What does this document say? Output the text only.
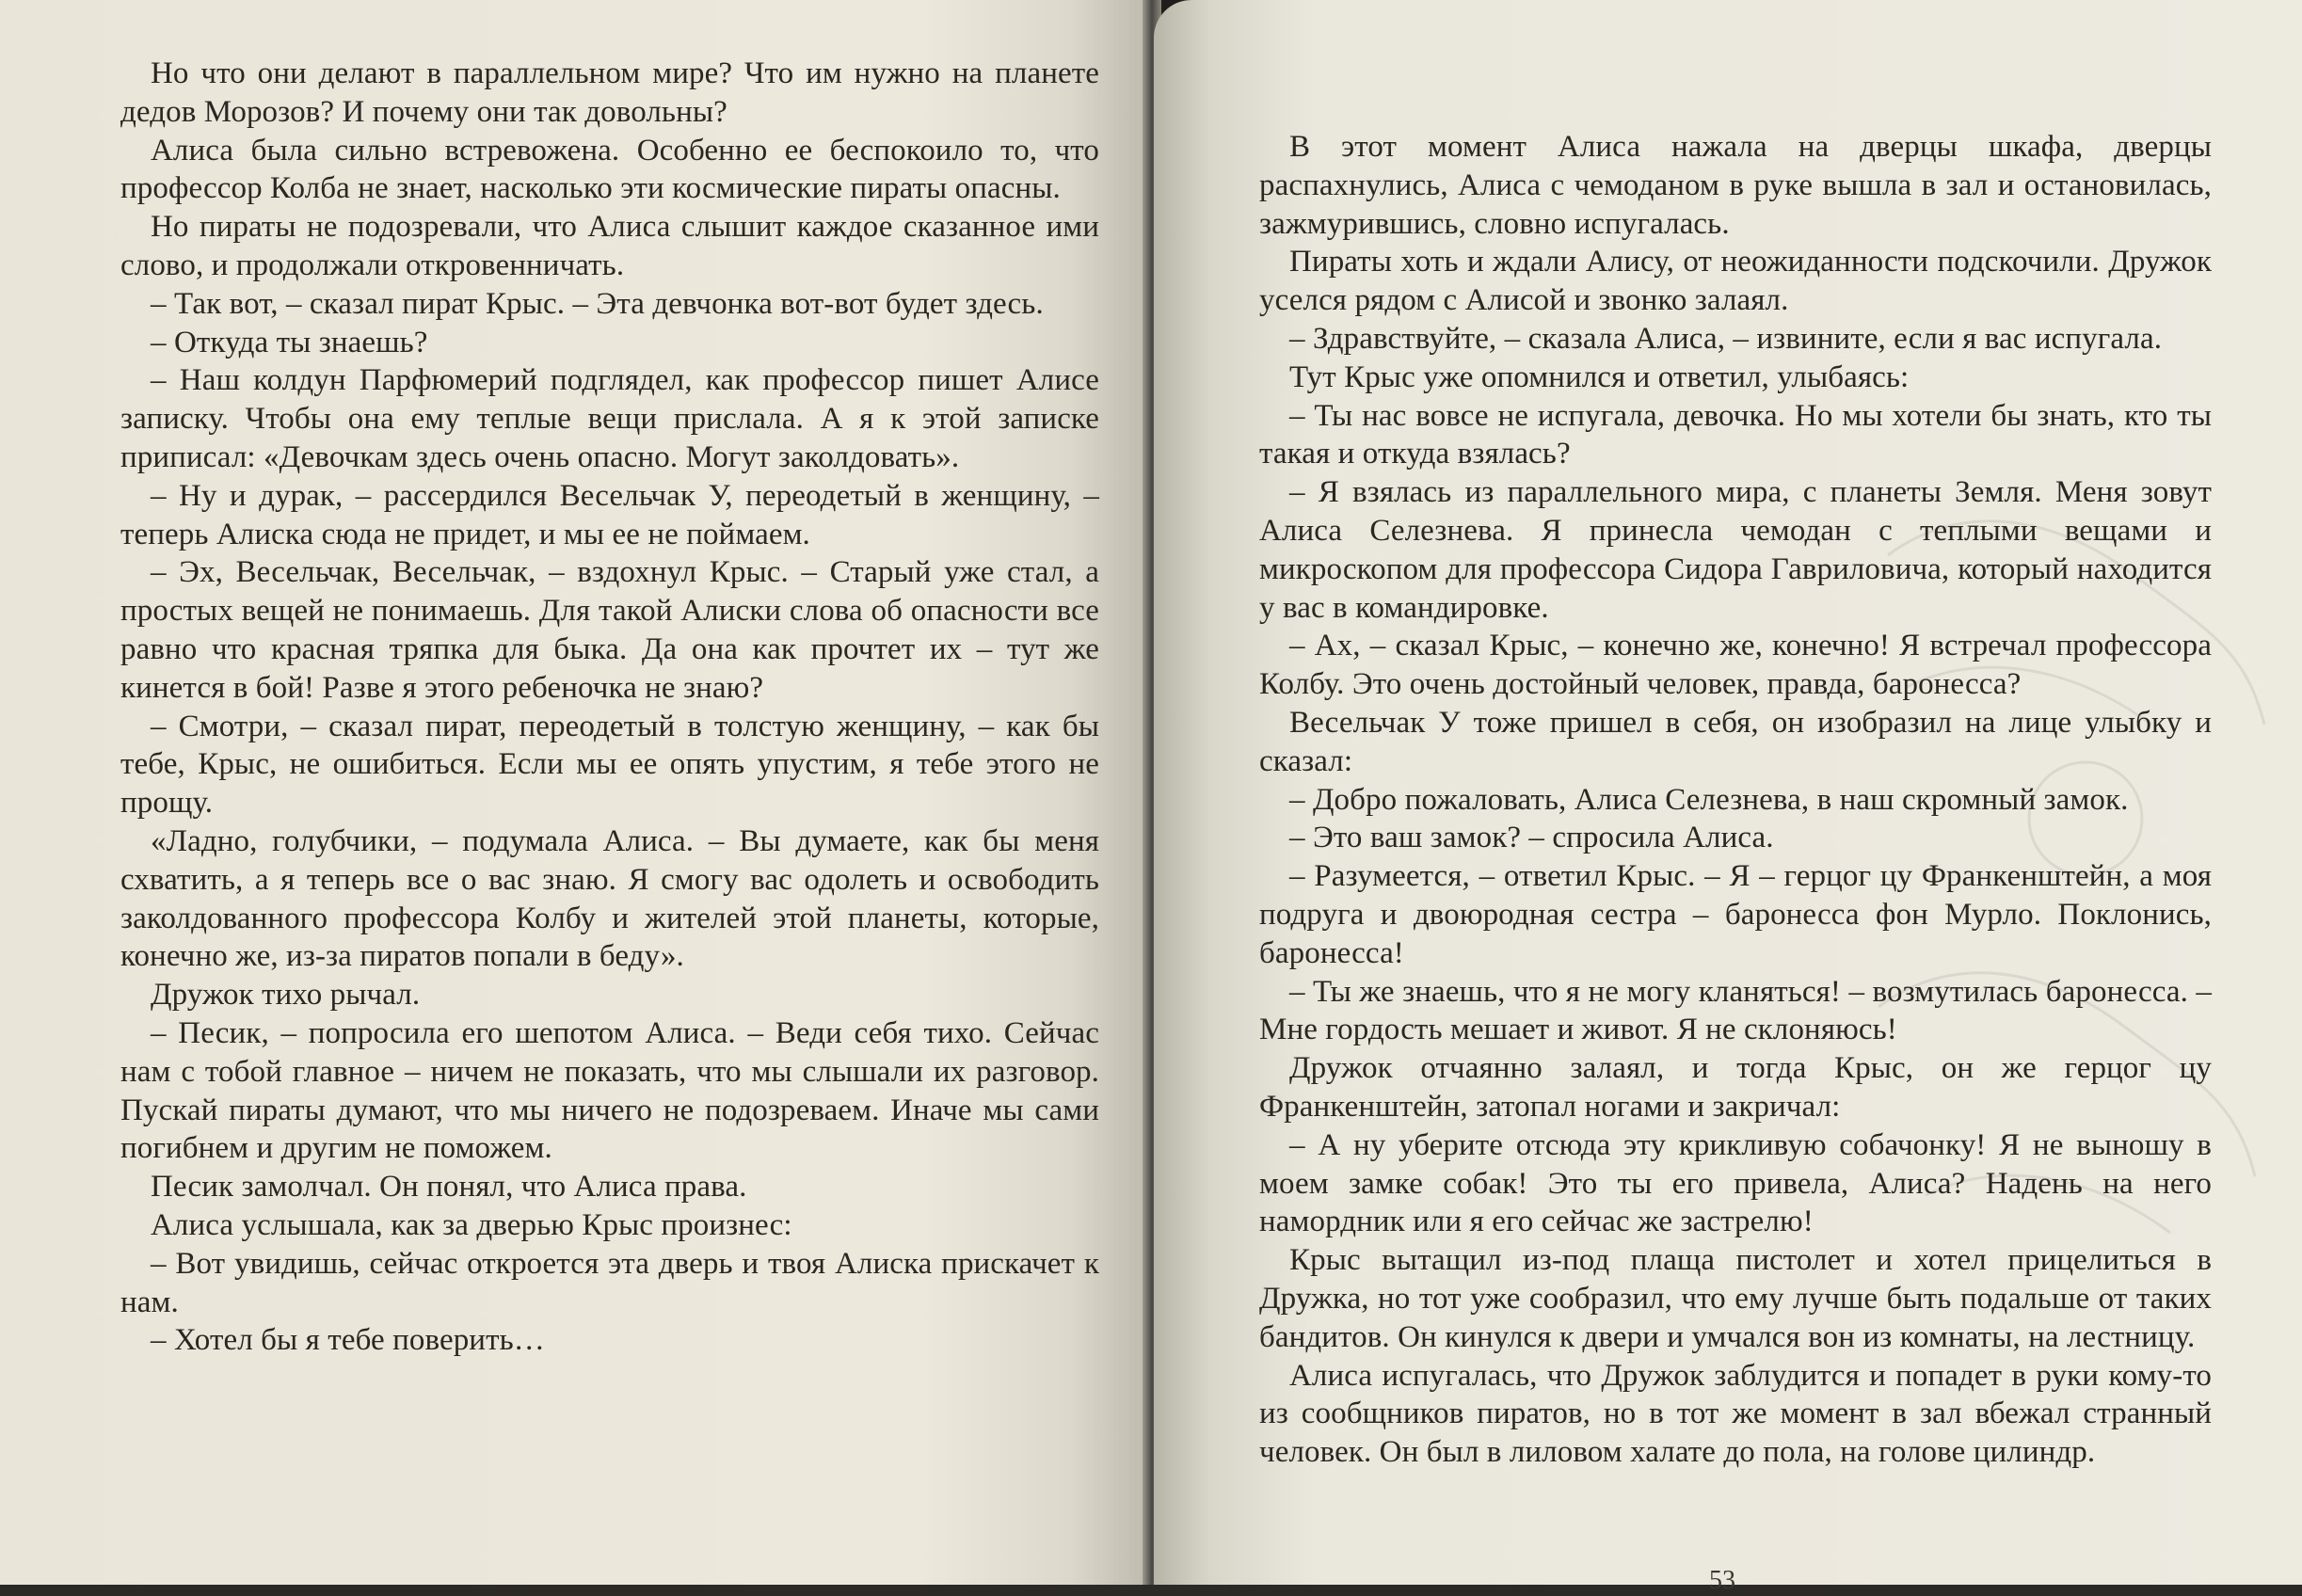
Но что они делают в параллельном мире? Что им нужно на планете дедов Морозов? И почему они так довольны?

Алиса была сильно встревожена. Особенно ее беспокоило то, что профессор Колба не знает, насколько эти космические пираты опасны.

Но пираты не подозревали, что Алиса слышит каждое сказанное ими слово, и продолжали откровенничать.

– Так вот, – сказал пират Крыс. – Эта девчонка вот-вот будет здесь.

– Откуда ты знаешь?

– Наш колдун Парфюмерий подглядел, как профессор пишет Алисе записку. Чтобы она ему теплые вещи прислала. А я к этой записке приписал: «Девочкам здесь очень опасно. Могут заколдовать».

– Ну и дурак, – рассердился Весельчак У, переодетый в женщину, – теперь Алиска сюда не придет, и мы ее не поймаем.

– Эх, Весельчак, Весельчак, – вздохнул Крыс. – Старый уже стал, а простых вещей не понимаешь. Для такой Алиски слова об опасности все равно что красная тряпка для быка. Да она как прочтет их – тут же кинется в бой! Разве я этого ребеночка не знаю?

– Смотри, – сказал пират, переодетый в толстую женщину, – как бы тебе, Крыс, не ошибиться. Если мы ее опять упустим, я тебе этого не прощу.

«Ладно, голубчики, – подумала Алиса. – Вы думаете, как бы меня схватить, а я теперь все о вас знаю. Я смогу вас одолеть и освободить заколдованного профессора Колбу и жителей этой планеты, которые, конечно же, из-за пиратов попали в беду».

Дружок тихо рычал.

– Песик, – попросила его шепотом Алиса. – Веди себя тихо. Сейчас нам с тобой главное – ничем не показать, что мы слышали их разговор. Пускай пираты думают, что мы ничего не подозреваем. Иначе мы сами погибнем и другим не поможем.

Песик замолчал. Он понял, что Алиса права.

Алиса услышала, как за дверью Крыс произнес:

– Вот увидишь, сейчас откроется эта дверь и твоя Алиска прискачет к нам.

– Хотел бы я тебе поверить…

В этот момент Алиса нажала на дверцы шкафа, дверцы распахнулись, Алиса с чемоданом в руке вышла в зал и остановилась, зажмурившись, словно испугалась.

Пираты хоть и ждали Алису, от неожиданности подскочили. Дружок уселся рядом с Алисой и звонко залаял.

– Здравствуйте, – сказала Алиса, – извините, если я вас испугала.

Тут Крыс уже опомнился и ответил, улыбаясь:

– Ты нас вовсе не испугала, девочка. Но мы хотели бы знать, кто ты такая и откуда взялась?

– Я взялась из параллельного мира, с планеты Земля. Меня зовут Алиса Селезнева. Я принесла чемодан с теплыми вещами и микроскопом для профессора Сидора Гавриловича, который находится у вас в командировке.

– Ах, – сказал Крыс, – конечно же, конечно! Я встречал профессора Колбу. Это очень достойный человек, правда, баронесса?

Весельчак У тоже пришел в себя, он изобразил на лице улыбку и сказал:

– Добро пожаловать, Алиса Селезнева, в наш скромный замок.

– Это ваш замок? – спросила Алиса.

– Разумеется, – ответил Крыс. – Я – герцог цу Франкенштейн, а моя подруга и двоюродная сестра – баронесса фон Мурло. Поклонись, баронесса!

– Ты же знаешь, что я не могу кланяться! – возмутилась баронесса. – Мне гордость мешает и живот. Я не склоняюсь!

Дружок отчаянно залаял, и тогда Крыс, он же герцог цу Франкенштейн, затопал ногами и закричал:

– А ну уберите отсюда эту крикливую собачонку! Я не выношу в моем замке собак! Это ты его привела, Алиса? Надень на него намордник или я его сейчас же застрелю!

Крыс вытащил из-под плаща пистолет и хотел прицелиться в Дружка, но тот уже сообразил, что ему лучше быть подальше от таких бандитов. Он кинулся к двери и умчался вон из комнаты, на лестницу.

Алиса испугалась, что Дружок заблудится и попадет в руки кому-то из сообщников пиратов, но в тот же момент в зал вбежал странный человек. Он был в лиловом халате до пола, на голове цилиндр.

53
